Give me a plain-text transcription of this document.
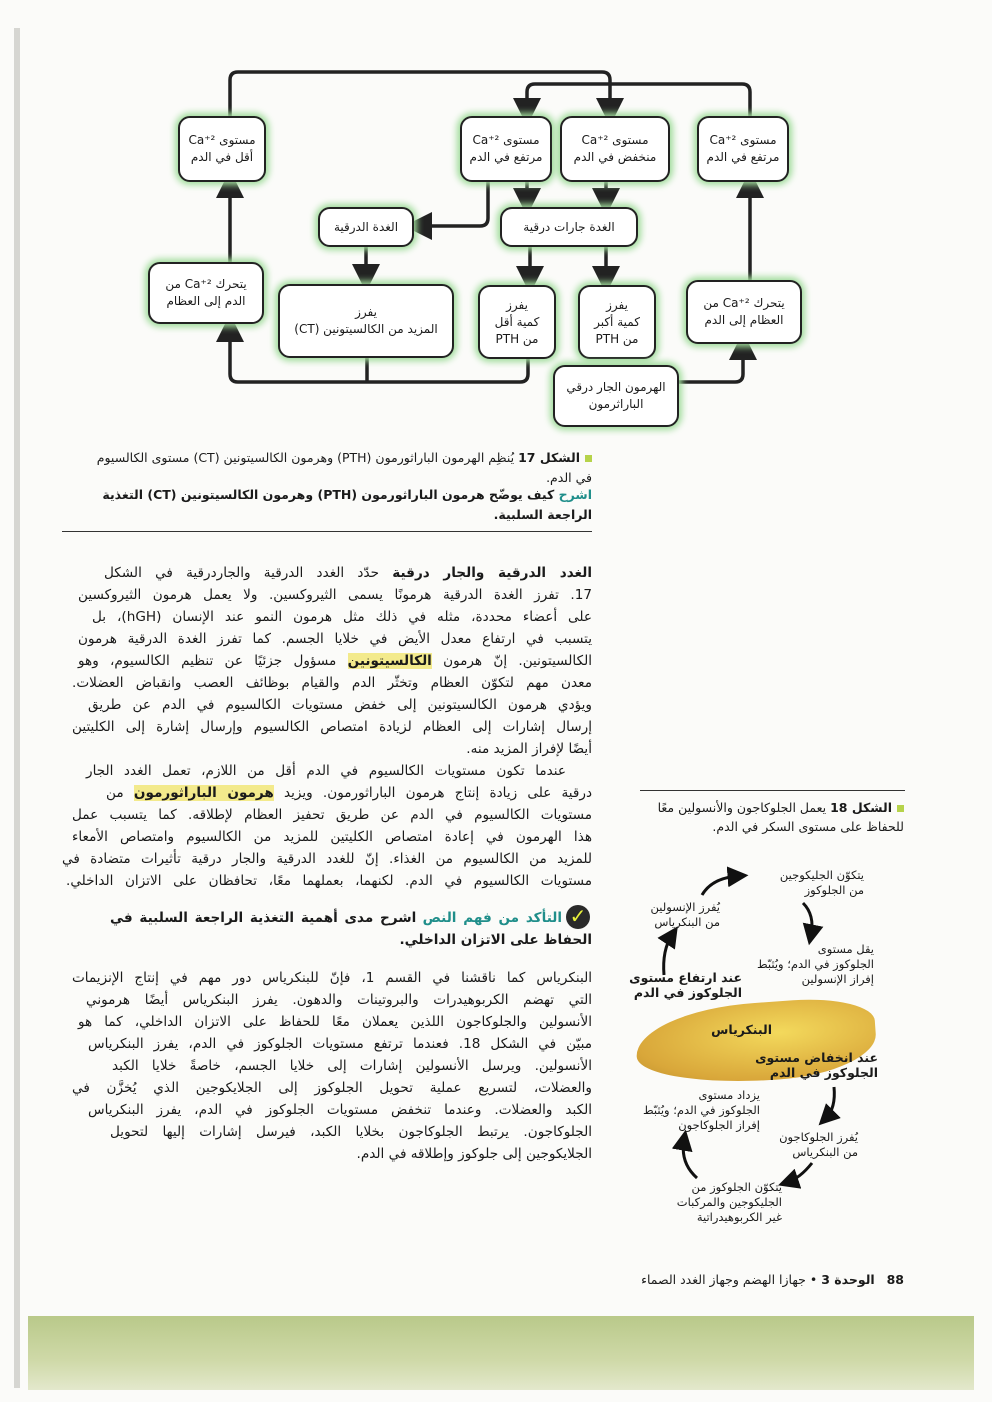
مستوى ²⁺Ca
أقل في الدم
مستوى ²⁺Ca
مرتفع في الدم
مستوى ²⁺Ca
منخفض في الدم
مستوى ²⁺Ca
مرتفع في الدم
الغدة الدرقية	الغدة جارات درقية
يتحرك ²⁺Ca من
الدم إلى العظام
يفرز
المزيد من الكالسيتونين (CT)
يفرز
كمية أقل
من PTH
يفرز
كمية أكبر
من PTH
يتحرك ²⁺Ca من
العظام إلى الدم
الهرمون الجار درقي
الباراثرمون
الشكل 17 يُنظِم الهرمون الباراثورمون (PTH) وهرمون الكالسيتونين (CT) مستوى الكالسيوم
في الدم.
اشرح كيف يوضّح هرمون الباراثورمون (PTH) وهرمون الكالسيتونين (CT) التغذية
الراجعة السلبية.
الغدد الدرقية والجار درقية حدّد الغدد الدرقية والجاردرقية في الشكل
17. تفرز الغدة الدرقية هرمونًا يسمى الثيروكسين. ولا يعمل هرمون الثيروكسين
على أعضاء محددة، مثله في ذلك مثل هرمون النمو عند الإنسان (hGH)، بل
يتسبب في ارتفاع معدل الأيض في خلايا الجسم. كما تفرز الغدة الدرقية هرمون
الكالسيتونين. إنّ هرمون الكالسيتونين مسؤول جزئيًا عن تنظيم الكالسيوم، وهو
معدن مهم لتكوّن العظام وتخثّر الدم والقيام بوظائف العصب وانقباض العضلات.
ويؤدي هرمون الكالسيتونين إلى خفض مستويات الكالسيوم في الدم عن طريق
إرسال إشارات إلى العظام لزيادة امتصاص الكالسيوم وإرسال إشارة إلى الكليتين
أيضًا لإفراز المزيد منه.
عندما تكون مستويات الكالسيوم في الدم أقل من اللازم، تعمل الغدد الجار
درقية على زيادة إنتاج هرمون الباراثورمون. ويزيد هرمون الباراثورمون من
مستويات الكالسيوم في الدم عن طريق تحفيز العظام لإطلاقه. كما يتسبب عمل
هذا الهرمون في إعادة امتصاص الكليتين للمزيد من الكالسيوم وامتصاص الأمعاء
للمزيد من الكالسيوم من الغذاء. إنّ للغدد الدرقية والجار درقية تأثيرات متضادة في
مستويات الكالسيوم في الدم. لكنهما، بعملهما معًا، تحافظان على الاتزان الداخلي.
✓
التأكد من فهم النص اشرح مدى أهمية التغذية الراجعة السلبية في
الحفاظ على الاتزان الداخلي.
البنكرياس كما ناقشنا في القسم 1، فإنّ للبنكرياس دور مهم في إنتاج الإنزيمات
التي تهضم الكربوهيدرات والبروتينات والدهون. يفرز البنكرياس أيضًا هرموني
الأنسولين والجلوكاجون اللذين يعملان معًا للحفاظ على الاتزان الداخلي، كما هو
مبيّن في الشكل 18. فعندما ترتفع مستويات الجلوكوز في الدم، يفرز البنكرياس
الأنسولين. ويرسل الأنسولين إشارات إلى خلايا الجسم، خاصةً خلايا الكبد
والعضلات، لتسريع عملية تحويل الجلوكوز إلى الجلايكوجين الذي يُخزَّن في
الكبد والعضلات. وعندما تنخفض مستويات الجلوكوز في الدم، يفرز البنكرياس
الجلوكاجون. يرتبط الجلوكاجون بخلايا الكبد، فيرسل إشارات إليها لتحويل
الجلايكوجين إلى جلوكوز وإطلاقه في الدم.
الشكل 18 يعمل الجلوكاجون والأنسولين معًا
للحفاظ على مستوى السكر في الدم.
يتكوّن الجليكوجين
من الجلوكوز
يُفرز الإنسولين
من البنكرياس
يقل مستوى
الجلوكوز في الدم؛ ويُثبّط
إفراز الإنسولين
عند ارتفاع مستوى
الجلوكوز في الدم
البنكرياس
عند انخفاض مستوى
الجلوكوز في الدم
يزداد مستوى
الجلوكوز في الدم؛ ويُثبّط
إفراز الجلوكاجون
يُفرز الجلوكاجون
من البنكرياس
يتكوّن الجلوكوز من
الجليكوجين والمركبات
غير الكربوهيدراتية
88   الوحدة 3 • جهازا الهضم وجهاز الغدد الصماء
